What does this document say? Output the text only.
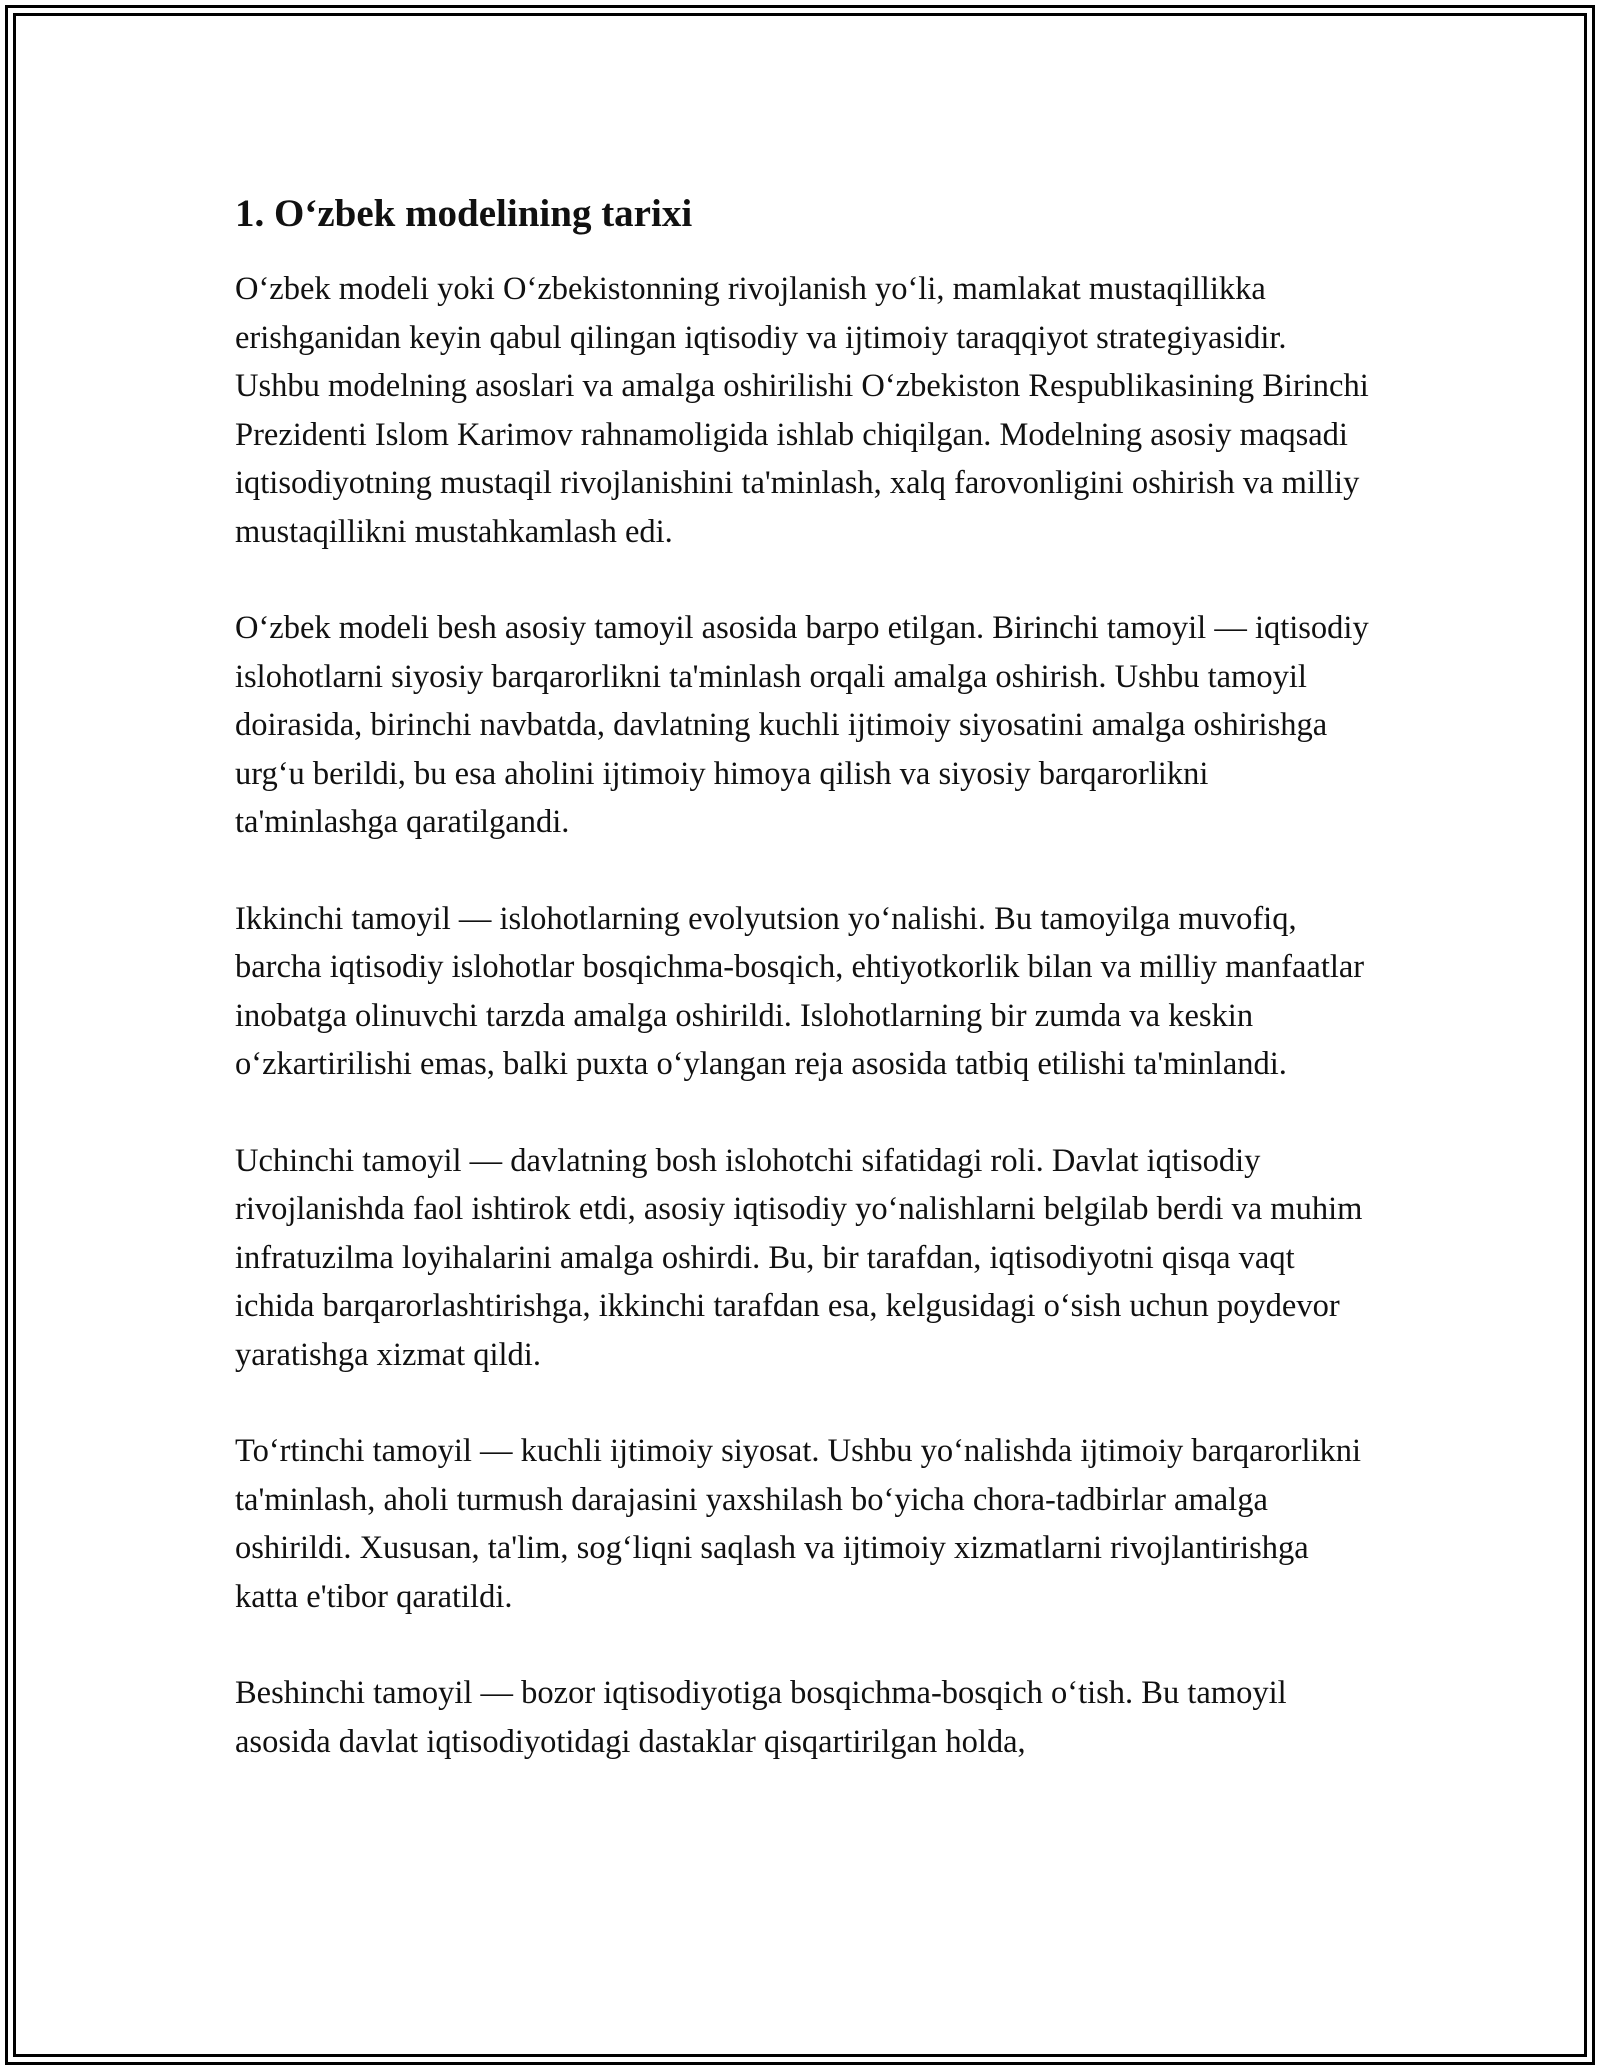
1. O‘zbek modelining tarixi

O‘zbek modeli yoki O‘zbekistonning rivojlanish yo‘li, mamlakat mustaqillikka erishganidan keyin qabul qilingan iqtisodiy va ijtimoiy taraqqiyot strategiyasidir. Ushbu modelning asoslari va amalga oshirilishi O‘zbekiston Respublikasining Birinchi Prezidenti Islom Karimov rahnamoligida ishlab chiqilgan. Modelning asosiy maqsadi iqtisodiyotning mustaqil rivojlanishini ta'minlash, xalq farovonligini oshirish va milliy mustaqillikni mustahkamlash edi.

O‘zbek modeli besh asosiy tamoyil asosida barpo etilgan. Birinchi tamoyil — iqtisodiy islohotlarni siyosiy barqarorlikni ta'minlash orqali amalga oshirish. Ushbu tamoyil doirasida, birinchi navbatda, davlatning kuchli ijtimoiy siyosatini amalga oshirishga urg‘u berildi, bu esa aholini ijtimoiy himoya qilish va siyosiy barqarorlikni ta'minlashga qaratilgandi.

Ikkinchi tamoyil — islohotlarning evolyutsion yo‘nalishi. Bu tamoyilga muvofiq, barcha iqtisodiy islohotlar bosqichma-bosqich, ehtiyotkorlik bilan va milliy manfaatlar inobatga olinuvchi tarzda amalga oshirildi. Islohotlarning bir zumda va keskin o‘zkartirilishi emas, balki puxta o‘ylangan reja asosida tatbiq etilishi ta'minlandi.

Uchinchi tamoyil — davlatning bosh islohotchi sifatidagi roli. Davlat iqtisodiy rivojlanishda faol ishtirok etdi, asosiy iqtisodiy yo‘nalishlarni belgilab berdi va muhim infratuzilma loyihalarini amalga oshirdi. Bu, bir tarafdan, iqtisodiyotni qisqa vaqt ichida barqarorlashtirishga, ikkinchi tarafdan esa, kelgusidagi o‘sish uchun poydevor yaratishga xizmat qildi.

To‘rtinchi tamoyil — kuchli ijtimoiy siyosat. Ushbu yo‘nalishda ijtimoiy barqarorlikni ta'minlash, aholi turmush darajasini yaxshilash bo‘yicha chora-tadbirlar amalga oshirildi. Xususan, ta'lim, sog‘liqni saqlash va ijtimoiy xizmatlarni rivojlantirishga katta e'tibor qaratildi.

Beshinchi tamoyil — bozor iqtisodiyotiga bosqichma-bosqich o‘tish. Bu tamoyil asosida davlat iqtisodiyotidagi dastaklar qisqartirilgan holda,
